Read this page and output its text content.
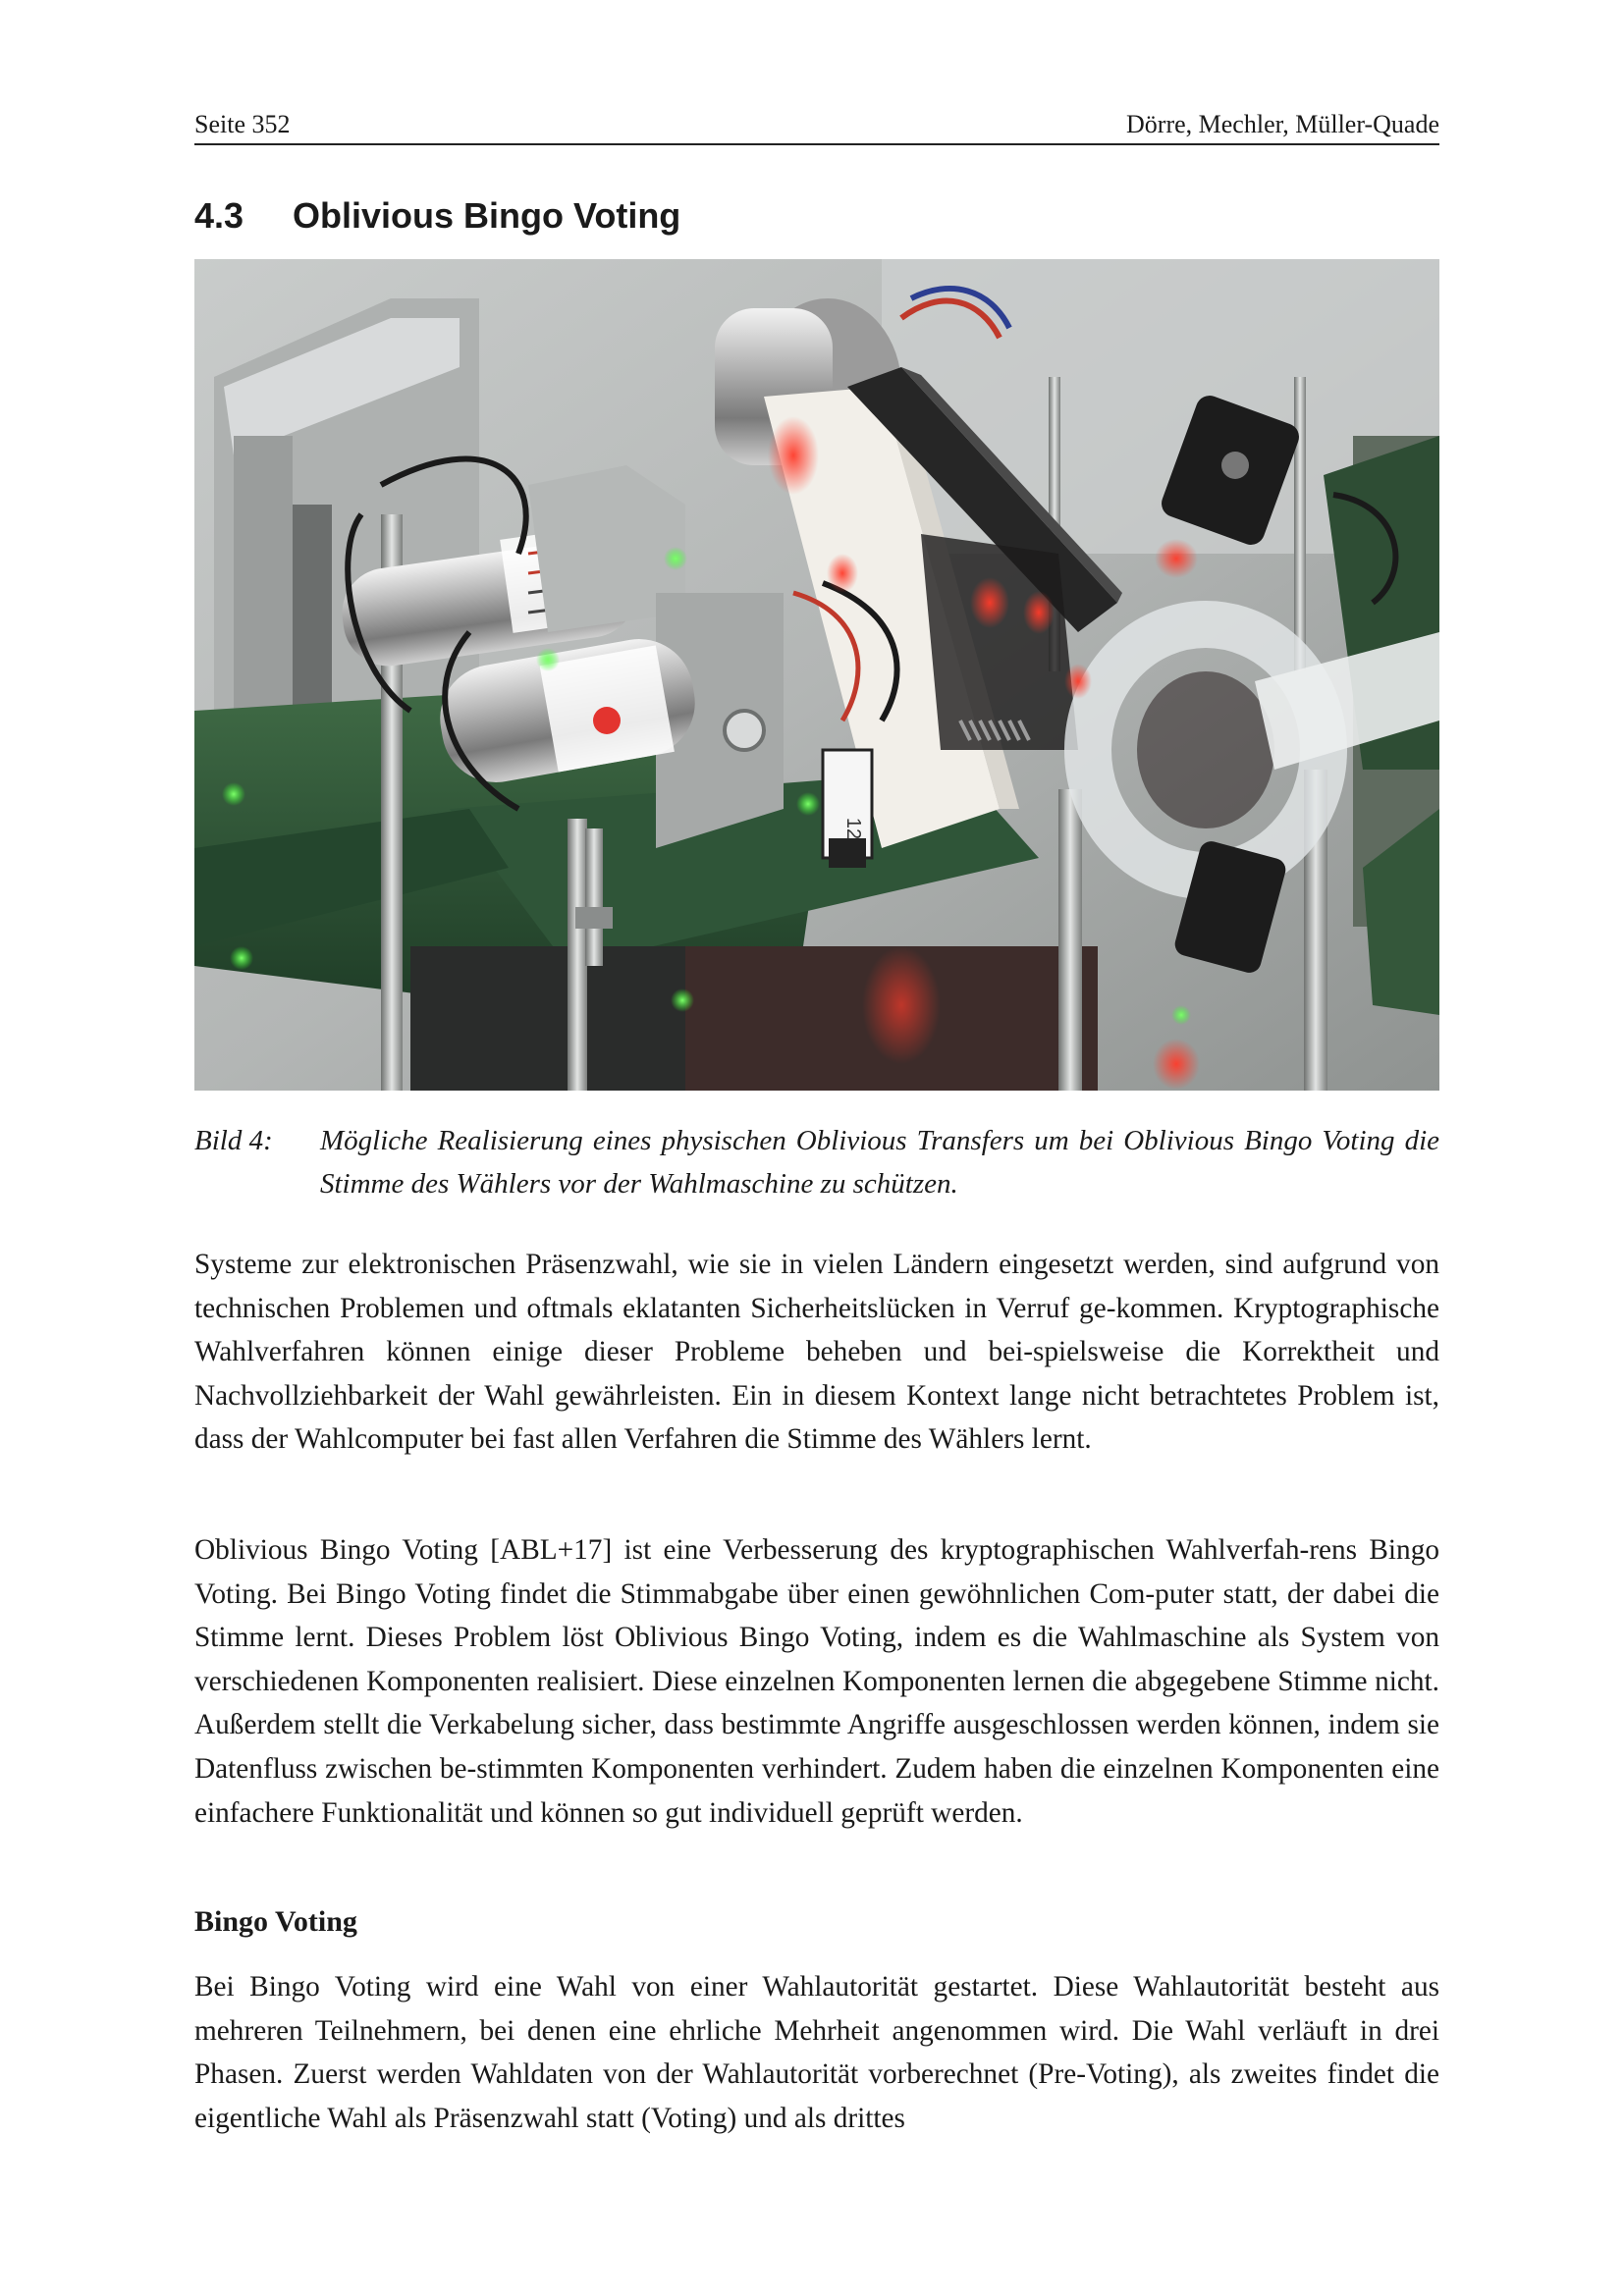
Seite 352	Dörre, Mechler, Müller-Quade
4.3 Oblivious Bingo Voting
12
Bild 4:	Mögliche Realisierung eines physischen Oblivious Transfers um bei Oblivious Bingo Voting die Stimme des Wählers vor der Wahlmaschine zu schützen.
Systeme zur elektronischen Präsenzwahl, wie sie in vielen Ländern eingesetzt werden, sind aufgrund von technischen Problemen und oftmals eklatanten Sicherheitslücken in Verruf ge-kommen. Kryptographische Wahlverfahren können einige dieser Probleme beheben und bei-spielsweise die Korrektheit und Nachvollziehbarkeit der Wahl gewährleisten. Ein in diesem Kontext lange nicht betrachtetes Problem ist, dass der Wahlcomputer bei fast allen Verfahren die Stimme des Wählers lernt.
Oblivious Bingo Voting [ABL+17] ist eine Verbesserung des kryptographischen Wahlverfah-rens Bingo Voting. Bei Bingo Voting findet die Stimmabgabe über einen gewöhnlichen Com-puter statt, der dabei die Stimme lernt. Dieses Problem löst Oblivious Bingo Voting, indem es die Wahlmaschine als System von verschiedenen Komponenten realisiert. Diese einzelnen Komponenten lernen die abgegebene Stimme nicht. Außerdem stellt die Verkabelung sicher, dass bestimmte Angriffe ausgeschlossen werden können, indem sie Datenfluss zwischen be-stimmten Komponenten verhindert. Zudem haben die einzelnen Komponenten eine einfachere Funktionalität und können so gut individuell geprüft werden.
Bingo Voting
Bei Bingo Voting wird eine Wahl von einer Wahlautorität gestartet. Diese Wahlautorität besteht aus mehreren Teilnehmern, bei denen eine ehrliche Mehrheit angenommen wird. Die Wahl verläuft in drei Phasen. Zuerst werden Wahldaten von der Wahlautorität vorberechnet (Pre-Voting), als zweites findet die eigentliche Wahl als Präsenzwahl statt (Voting) und als drittes
